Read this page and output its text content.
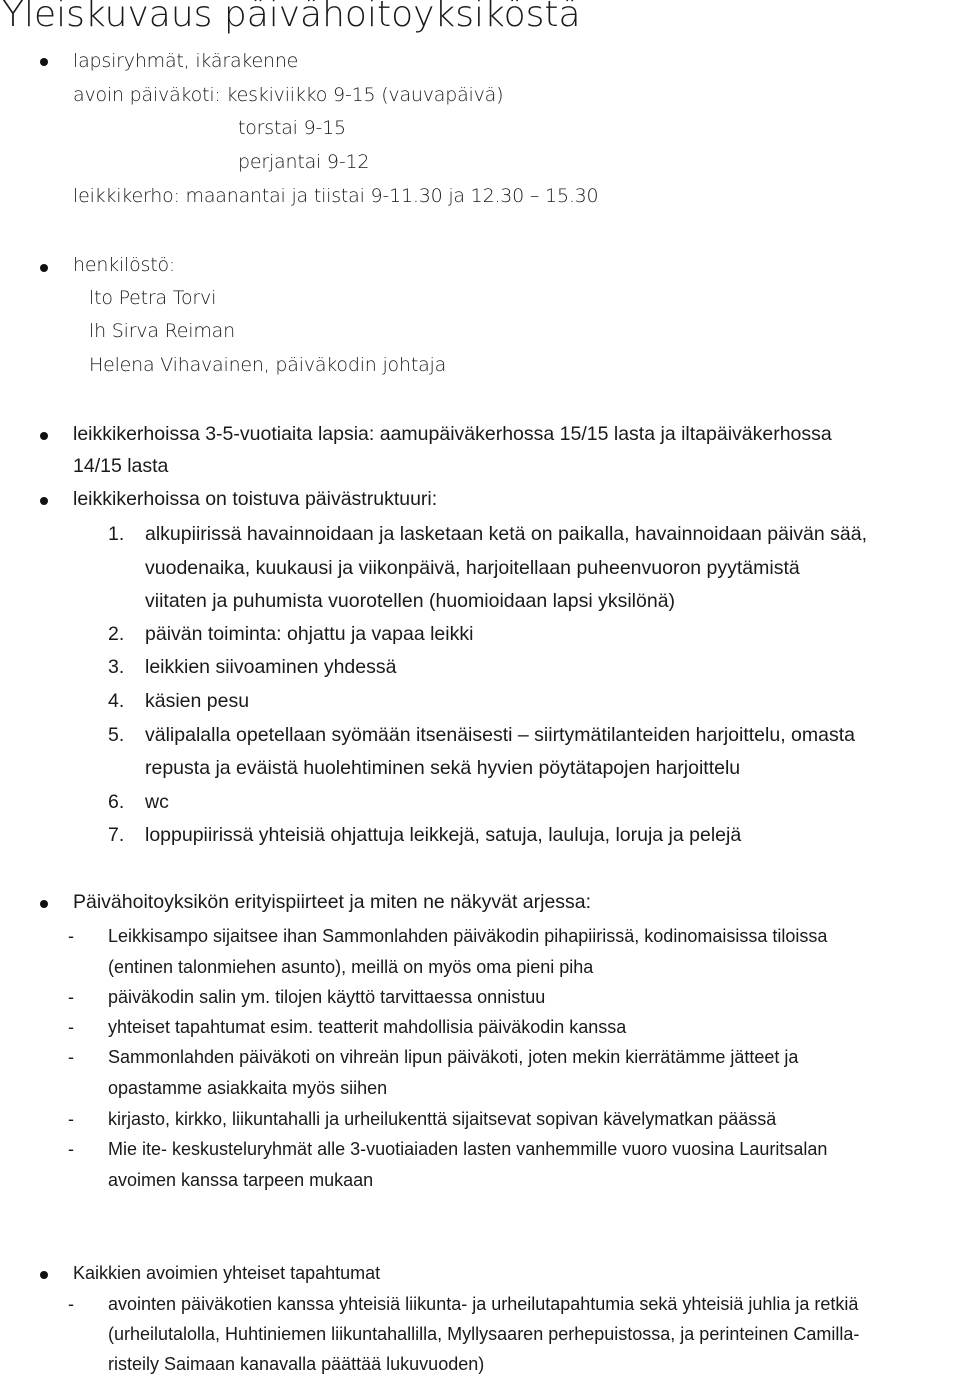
Yleiskuvaus päivähoitoyksiköstä
lapsiryhmät, ikärakenne
avoin päiväkoti: keskiviikko 9-15 (vauvapäivä)
torstai 9-15
perjantai 9-12
leikkikerho: maanantai ja tiistai 9-11.30 ja 12.30 – 15.30
henkilöstö:
lto Petra Torvi
lh Sirva Reiman
Helena Vihavainen, päiväkodin johtaja
leikkikerhoissa 3-5-vuotiaita lapsia: aamupäiväkerhossa 15/15 lasta ja iltapäiväkerhossa
14/15 lasta
leikkikerhoissa on toistuva päivästruktuuri:
1. alkupiirissä havainnoidaan ja lasketaan ketä on paikalla, havainnoidaan päivän sää,
vuodenaika, kuukausi ja viikonpäivä, harjoitellaan puheenvuoron pyytämistä
viitaten ja puhumista vuorotellen (huomioidaan lapsi yksilönä)
2. päivän toiminta: ohjattu ja vapaa leikki
3. leikkien siivoaminen yhdessä
4. käsien pesu
5. välipalalla opetellaan syömään itsenäisesti – siirtymätilanteiden harjoittelu, omasta
repusta ja eväistä huolehtiminen sekä hyvien pöytätapojen harjoittelu
6. wc
7. loppupiirissä yhteisiä ohjattuja leikkejä, satuja, lauluja, loruja ja pelejä
Päivähoitoyksikön erityispiirteet ja miten ne näkyvät arjessa:
- Leikkisampo sijaitsee ihan Sammonlahden päiväkodin pihapiirissä, kodinomaisissa tiloissa
(entinen talonmiehen asunto), meillä on myös oma pieni piha
- päiväkodin salin ym. tilojen käyttö tarvittaessa onnistuu
- yhteiset tapahtumat esim. teatterit mahdollisia päiväkodin kanssa
- Sammonlahden päiväkoti on vihreän lipun päiväkoti, joten mekin kierrätämme jätteet ja
opastamme asiakkaita myös siihen
- kirjasto, kirkko, liikuntahalli ja urheilukenttä sijaitsevat sopivan kävelymatkan päässä
- Mie ite- keskusteluryhmät alle 3-vuotiaiaden lasten vanhemmille vuoro vuosina Lauritsalan
avoimen kanssa tarpeen mukaan
Kaikkien avoimien yhteiset tapahtumat
- avointen päiväkotien kanssa yhteisiä liikunta- ja urheilutapahtumia sekä yhteisiä juhlia ja retkiä
(urheilutalolla, Huhtiniemen liikuntahallilla, Myllysaaren perhepuistossa, ja perinteinen Camilla-
risteily Saimaan kanavalla päättää lukuvuoden)
